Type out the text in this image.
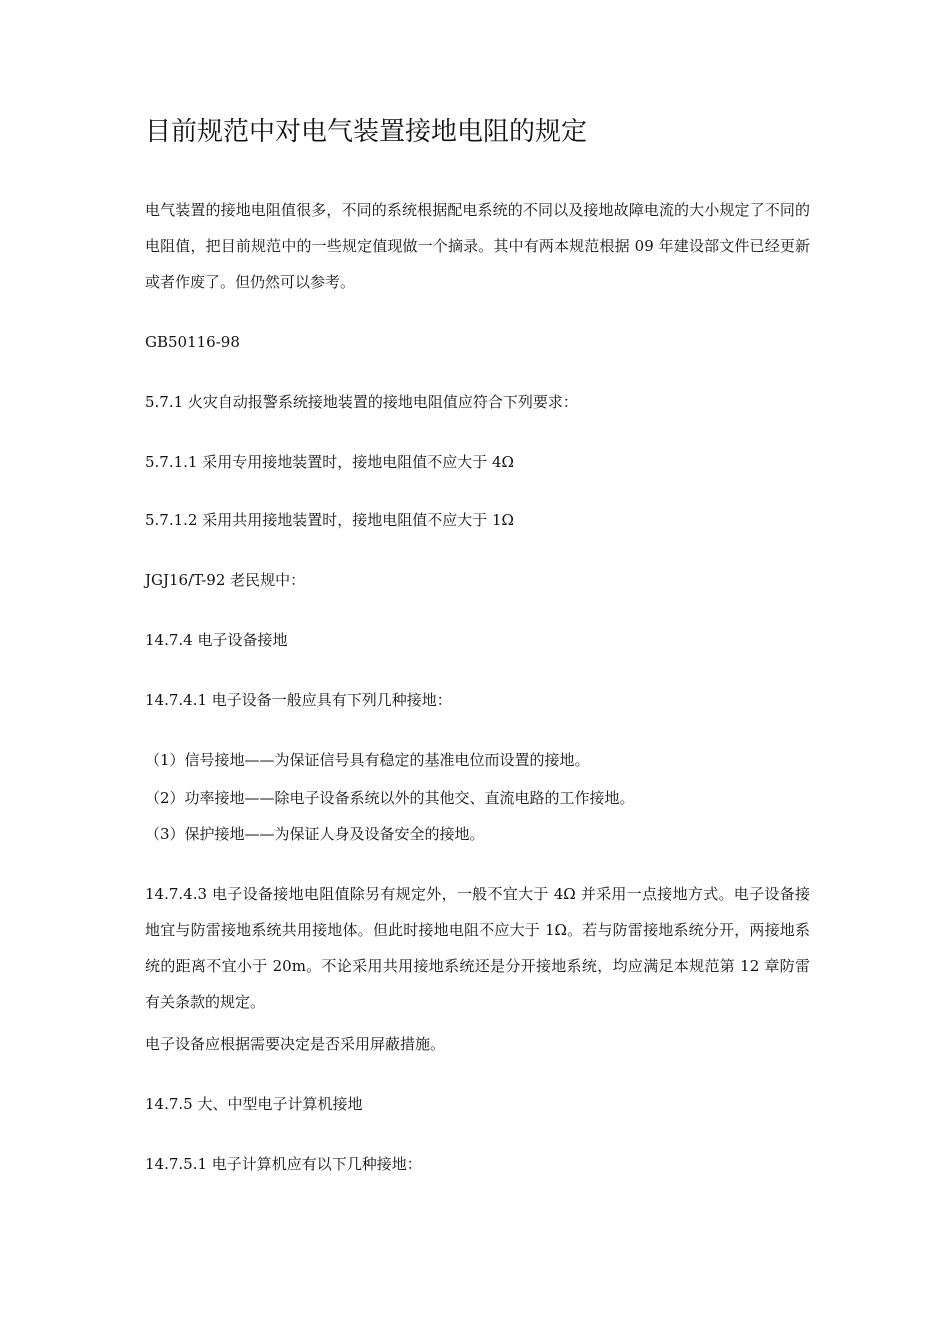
目前规范中对电气装置接地电阻的规定

电气装置的接地电阻值很多，不同的系统根据配电系统的不同以及接地故障电流的大小规定了不同的电阻值，把目前规范中的一些规定值现做一个摘录。其中有两本规范根据 09 年建设部文件已经更新或者作废了。但仍然可以参考。

GB50116-98

5.7.1 火灾自动报警系统接地装置的接地电阻值应符合下列要求：

5.7.1.1 采用专用接地装置时，接地电阻值不应大于 4Ω

5.7.1.2 采用共用接地装置时，接地电阻值不应大于 1Ω

JGJ16/T-92 老民规中：

14.7.4 电子设备接地

14.7.4.1 电子设备一般应具有下列几种接地：

（1）信号接地——为保证信号具有稳定的基准电位而设置的接地。

（2）功率接地——除电子设备系统以外的其他交、直流电路的工作接地。

（3）保护接地——为保证人身及设备安全的接地。

14.7.4.3 电子设备接地电阻值除另有规定外，一般不宜大于 4Ω 并采用一点接地方式。电子设备接地宜与防雷接地系统共用接地体。但此时接地电阻不应大于 1Ω。若与防雷接地系统分开，两接地系统的距离不宜小于 20m。不论采用共用接地系统还是分开接地系统，均应满足本规范第 12 章防雷有关条款的规定。

电子设备应根据需要决定是否采用屏蔽措施。

14.7.5 大、中型电子计算机接地

14.7.5.1 电子计算机应有以下几种接地：
